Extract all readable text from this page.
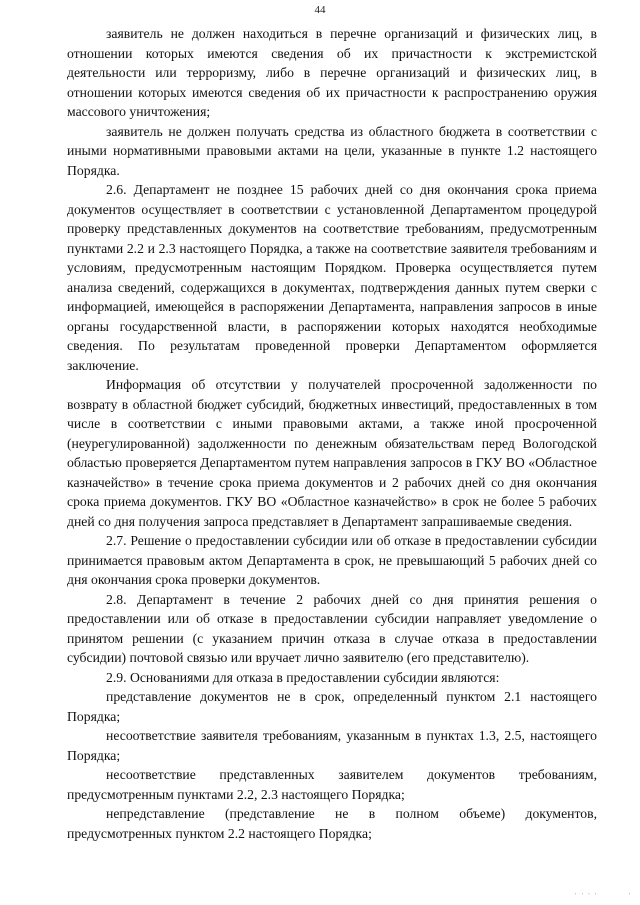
44

заявитель не должен находиться в перечне организаций и физических лиц, в отношении которых имеются сведения об их причастности к экстремистской деятельности или терроризму, либо в перечне организаций и физических лиц, в отношении которых имеются сведения об их причастности к распространению оружия массового уничтожения;

заявитель не должен получать средства из областного бюджета в соответствии с иными нормативными правовыми актами на цели, указанные в пункте 1.2 настоящего Порядка.

2.6. Департамент не позднее 15 рабочих дней со дня окончания срока приема документов осуществляет в соответствии с установленной Департаментом процедурой проверку представленных документов на соответствие требованиям, предусмотренным пунктами 2.2 и 2.3 настоящего Порядка, а также на соответствие заявителя требованиям и условиям, предусмотренным настоящим Порядком. Проверка осуществляется путем анализа сведений, содержащихся в документах, подтверждения данных путем сверки с информацией, имеющейся в распоряжении Департамента, направления запросов в иные органы государственной власти, в распоряжении которых находятся необходимые сведения. По результатам проведенной проверки Департаментом оформляется заключение.

Информация об отсутствии у получателей просроченной задолженности по возврату в областной бюджет субсидий, бюджетных инвестиций, предоставленных в том числе в соответствии с иными правовыми актами, а также иной просроченной (неурегулированной) задолженности по денежным обязательствам перед Вологодской областью проверяется Департаментом путем направления запросов в ГКУ ВО «Областное казначейство» в течение срока приема документов и 2 рабочих дней со дня окончания срока приема документов. ГКУ ВО «Областное казначейство» в срок не более 5 рабочих дней со дня получения запроса представляет в Департамент запрашиваемые сведения.

2.7. Решение о предоставлении субсидии или об отказе в предоставлении субсидии принимается правовым актом Департамента в срок, не превышающий 5 рабочих дней со дня окончания срока проверки документов.

2.8. Департамент в течение 2 рабочих дней со дня принятия решения о предоставлении или об отказе в предоставлении субсидии направляет уведомление о принятом решении (с указанием причин отказа в случае отказа в предоставлении субсидии) почтовой связью или вручает лично заявителю (его представителю).

2.9. Основаниями для отказа в предоставлении субсидии являются:

представление документов не в срок, определенный пунктом 2.1 настоящего Порядка;

несоответствие заявителя требованиям, указанным в пунктах 1.3, 2.5, настоящего Порядка;

несоответствие представленных заявителем документов требованиям, предусмотренным пунктами 2.2, 2.3 настоящего Порядка;

непредставление (представление не в полном объеме) документов, предусмотренных пунктом 2.2 настоящего Порядка;

' ' ' '	'
